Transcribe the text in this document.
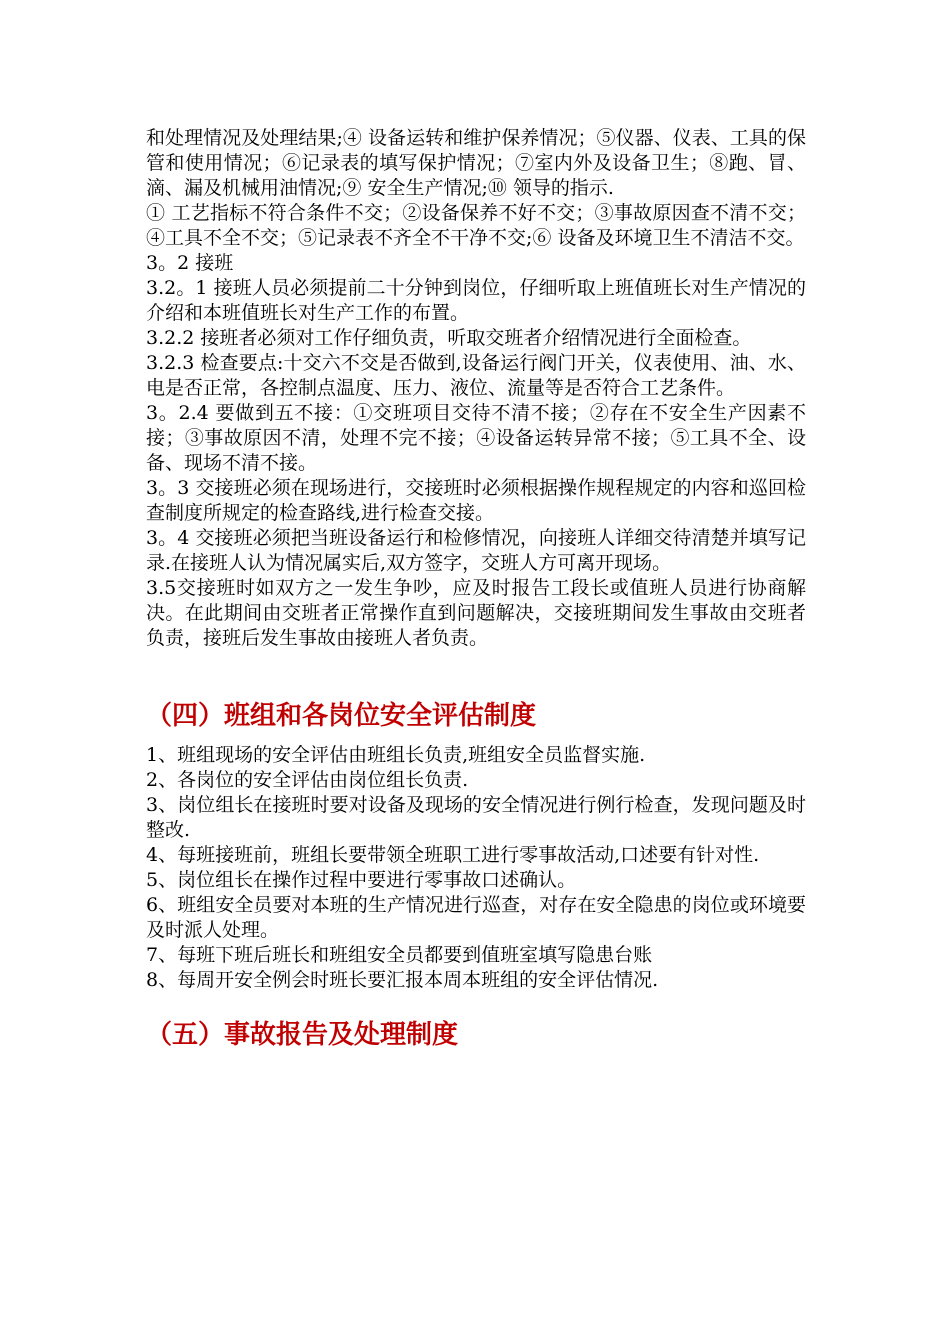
和处理情况及处理结果;④ 设备运转和维护保养情况；⑤仪器、仪表、工具的保管和使用情况；⑥记录表的填写保护情况；⑦室内外及设备卫生；⑧跑、冒、滴、漏及机械用油情况;⑨ 安全生产情况;⑩ 领导的指示.

① 工艺指标不符合条件不交；②设备保养不好不交；③事故原因查不清不交；④工具不全不交；⑤记录表不齐全不干净不交;⑥ 设备及环境卫生不清洁不交。

3。2 接班

3.2。1 接班人员必须提前二十分钟到岗位，仔细听取上班值班长对生产情况的介绍和本班值班长对生产工作的布置。

3.2.2 接班者必须对工作仔细负责，听取交班者介绍情况进行全面检查。

3.2.3 检查要点:十交六不交是否做到,设备运行阀门开关，仪表使用、油、水、电是否正常，各控制点温度、压力、液位、流量等是否符合工艺条件。

3。2.4 要做到五不接：①交班项目交待不清不接；②存在不安全生产因素不接；③事故原因不清，处理不完不接；④设备运转异常不接；⑤工具不全、设备、现场不清不接。

3。3 交接班必须在现场进行，交接班时必须根据操作规程规定的内容和巡回检查制度所规定的检查路线,进行检查交接。

3。4 交接班必须把当班设备运行和检修情况，向接班人详细交待清楚并填写记录.在接班人认为情况属实后,双方签字，交班人方可离开现场。

3.5交接班时如双方之一发生争吵，应及时报告工段长或值班人员进行协商解决。在此期间由交班者正常操作直到问题解决，交接班期间发生事故由交班者负责，接班后发生事故由接班人者负责。

（四）班组和各岗位安全评估制度

1、班组现场的安全评估由班组长负责,班组安全员监督实施.

2、各岗位的安全评估由岗位组长负责.

3、岗位组长在接班时要对设备及现场的安全情况进行例行检查，发现问题及时整改.

4、每班接班前，班组长要带领全班职工进行零事故活动,口述要有针对性.

5、岗位组长在操作过程中要进行零事故口述确认。

6、班组安全员要对本班的生产情况进行巡查，对存在安全隐患的岗位或环境要及时派人处理。

7、每班下班后班长和班组安全员都要到值班室填写隐患台账

8、每周开安全例会时班长要汇报本周本班组的安全评估情况.

（五）事故报告及处理制度
